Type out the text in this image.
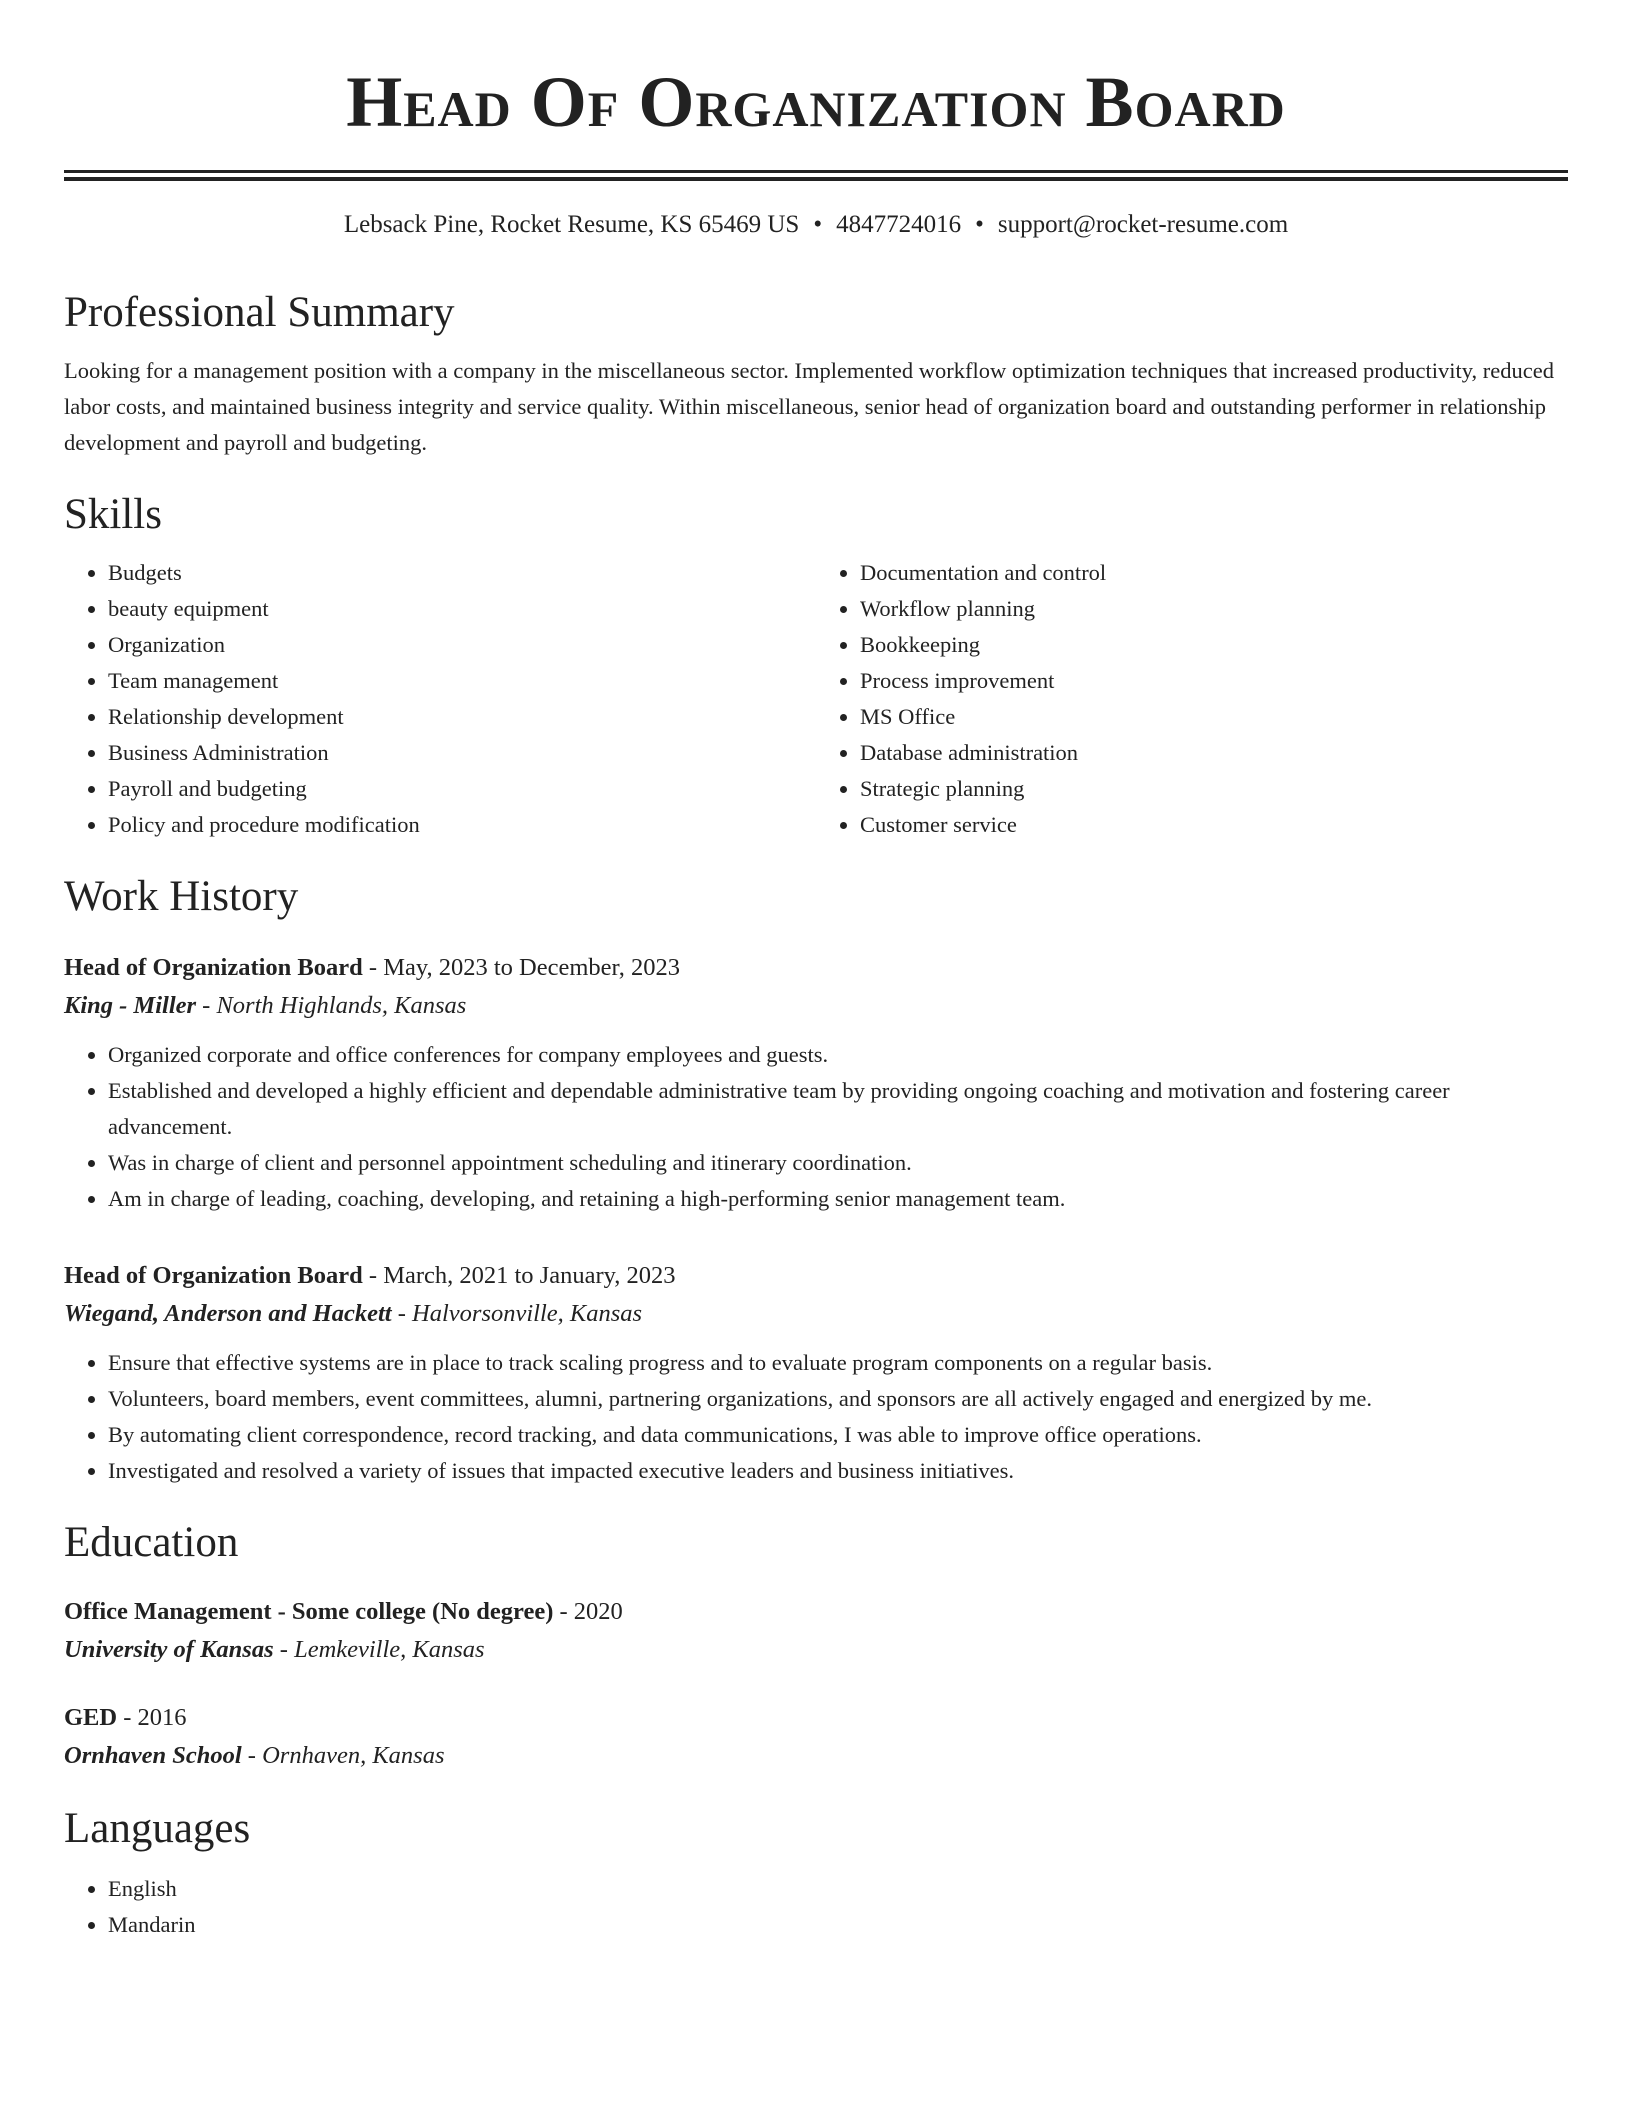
Head Of Organization Board
Lebsack Pine, Rocket Resume, KS 65469 US • 4847724016 • support@rocket-resume.com
Professional Summary

Looking for a management position with a company in the miscellaneous sector. Implemented workflow optimization techniques that increased productivity, reduced labor costs, and maintained business integrity and service quality. Within miscellaneous, senior head of organization board and outstanding performer in relationship development and payroll and budgeting.

Skills
• Budgets
• beauty equipment
• Organization
• Team management
• Relationship development
• Business Administration
• Payroll and budgeting
• Policy and procedure modification
• Documentation and control
• Workflow planning
• Bookkeeping
• Process improvement
• MS Office
• Database administration
• Strategic planning
• Customer service
Work History
Head of Organization Board - May, 2023 to December, 2023
King - Miller - North Highlands, Kansas
• Organized corporate and office conferences for company employees and guests.
• Established and developed a highly efficient and dependable administrative team by providing ongoing coaching and motivation and fostering career advancement.
• Was in charge of client and personnel appointment scheduling and itinerary coordination.
• Am in charge of leading, coaching, developing, and retaining a high-performing senior management team.
Head of Organization Board - March, 2021 to January, 2023
Wiegand, Anderson and Hackett - Halvorsonville, Kansas
• Ensure that effective systems are in place to track scaling progress and to evaluate program components on a regular basis.
• Volunteers, board members, event committees, alumni, partnering organizations, and sponsors are all actively engaged and energized by me.
• By automating client correspondence, record tracking, and data communications, I was able to improve office operations.
• Investigated and resolved a variety of issues that impacted executive leaders and business initiatives.
Education
Office Management - Some college (No degree) - 2020
University of Kansas - Lemkeville, Kansas
GED - 2016
Ornhaven School - Ornhaven, Kansas
Languages
• English
• Mandarin
